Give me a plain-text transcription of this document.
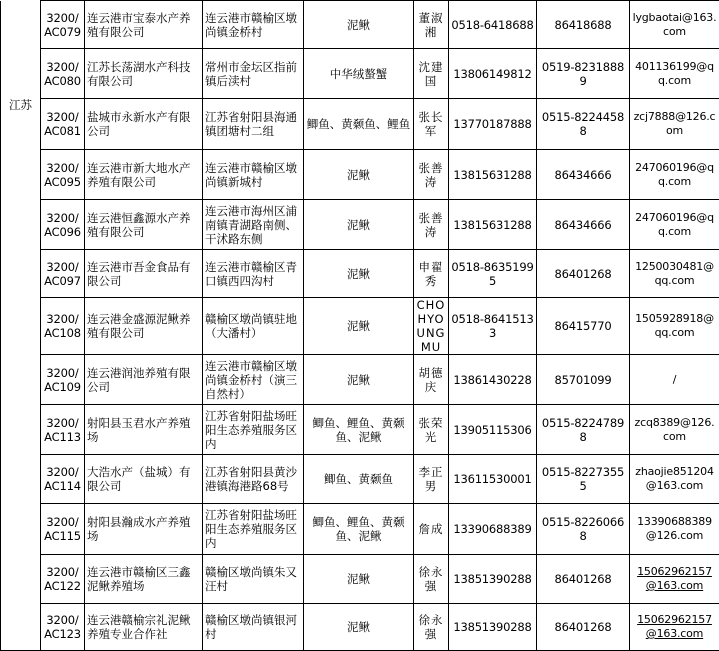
江苏	3200/AC079	连云港市宝泰水产养殖有限公司	连云港市赣榆区墩尚镇金桥村	泥鳅	董淑湘	0518-6418688	86418688	lygbaotai@163.com
	3200/AC080	江苏长荡湖水产科技有限公司	常州市金坛区指前镇后渎村	中华绒螯蟹	沈建国	13806149812	0519-82318889	401136199@qq.com
	3200/AC081	盐城市永新水产有限公司	江苏省射阳县海通镇团塘村二组	鲫鱼、黄颡鱼、鲤鱼	张长军	13770187888	0515-82244588	zcj7888@126.com
	3200/AC095	连云港市新大地水产养殖有限公司	连云港市赣榆区墩尚镇新城村	泥鳅	张善涛	13815631288	86434666	247060196@qq.com
	3200/AC096	连云港恒鑫源水产养殖有限公司	连云港市海州区浦南镇青湖路南侧、干沭路东侧	泥鳅	张善涛	13815631288	86434666	247060196@qq.com
	3200/AC097	连云港市吾金食品有限公司	连云港市赣榆区青口镇西四沟村	泥鳅	申翟秀	0518-86351995	86401268	1250030481@qq.com
	3200/AC108	连云港金盛源泥鳅养殖有限公司	赣榆区墩尚镇驻地（大潘村）	泥鳅	CHOHYOUNGMU	0518-86415133	86415770	1505928918@qq.com
	3200/AC109	连云港润池养殖有限公司	连云港市赣榆区墩尚镇金桥村（演三自然村）	泥鳅	胡德庆	13861430228	85701099	/
	3200/AC113	射阳县玉君水产养殖场	江苏省射阳盐场旺阳生态养殖服务区内	鲫鱼、鲤鱼、黄颡鱼、泥鳅	张荣光	13905115306	0515-82247898	zcq8389@126.com
	3200/AC114	大浩水产（盐城）有限公司	江苏省射阳县黄沙港镇海港路68号	鲫鱼、黄颡鱼	李正男	13611530001	0515-82273555	zhaojie851204@163.com
	3200/AC115	射阳县瀚成水产养殖场	江苏省射阳盐场旺阳生态养殖服务区内	鲫鱼、鲤鱼、黄颡鱼、泥鳅	詹成	13390688389	0515-82260668	13390688389@126.com
	3200/AC122	连云港市赣榆区三鑫泥鳅养殖场	赣榆区墩尚镇朱又汪村	泥鳅	徐永强	13851390288	86401268	15062962157@163.com
	3200/AC123	连云港赣榆宗礼泥鳅养殖专业合作社	赣榆区墩尚镇银河村	泥鳅	徐永强	13851390288	86401268	15062962157@163.com
